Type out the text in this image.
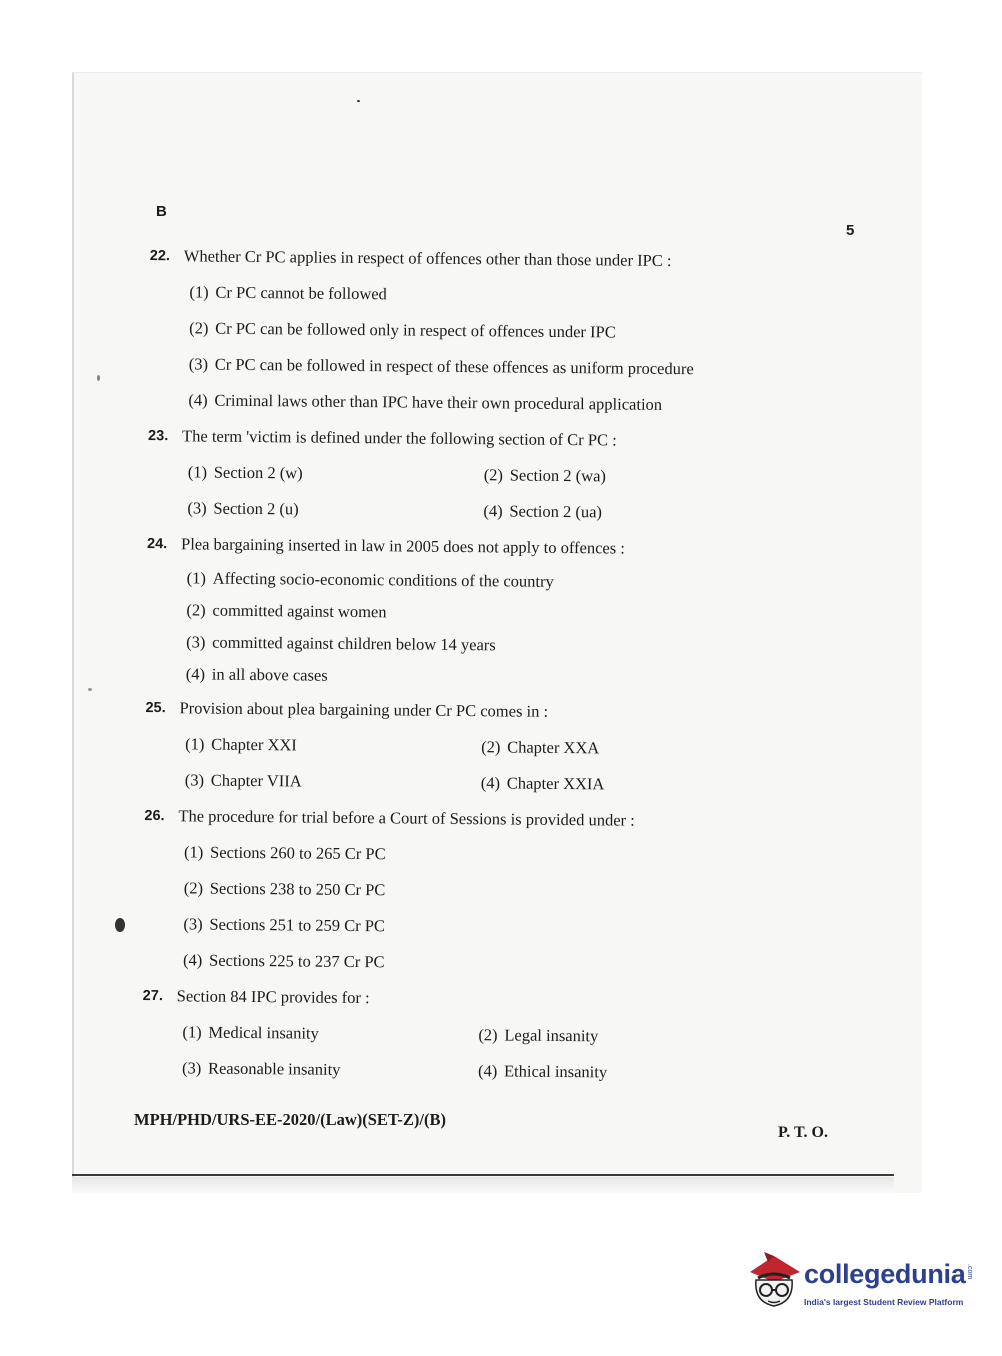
B
5
22. Whether Cr PC applies in respect of offences other than those under IPC :
(1) Cr PC cannot be followed
(2) Cr PC can be followed only in respect of offences under IPC
(3) Cr PC can be followed in respect of these offences as uniform procedure
(4) Criminal laws other than IPC have their own procedural application
23. The term 'victim is defined under the following section of Cr PC :
(1) Section 2 (w)	(2) Section 2 (wa)
(3) Section 2 (u)	(4) Section 2 (ua)
24. Plea bargaining inserted in law in 2005 does not apply to offences :
(1) Affecting socio-economic conditions of the country
(2) committed against women
(3) committed against children below 14 years
(4) in all above cases
25. Provision about plea bargaining under Cr PC comes in :
(1) Chapter XXI	(2) Chapter XXA
(3) Chapter VIIA	(4) Chapter XXIA
26. The procedure for trial before a Court of Sessions is provided under :
(1) Sections 260 to 265 Cr PC
(2) Sections 238 to 250 Cr PC
(3) Sections 251 to 259 Cr PC
(4) Sections 225 to 237 Cr PC
27. Section 84 IPC provides for :
(1) Medical insanity	(2) Legal insanity
(3) Reasonable insanity	(4) Ethical insanity
MPH/PHD/URS-EE-2020/(Law)(SET-Z)/(B)
P. T. O.
collegedunia .com
India's largest Student Review Platform
